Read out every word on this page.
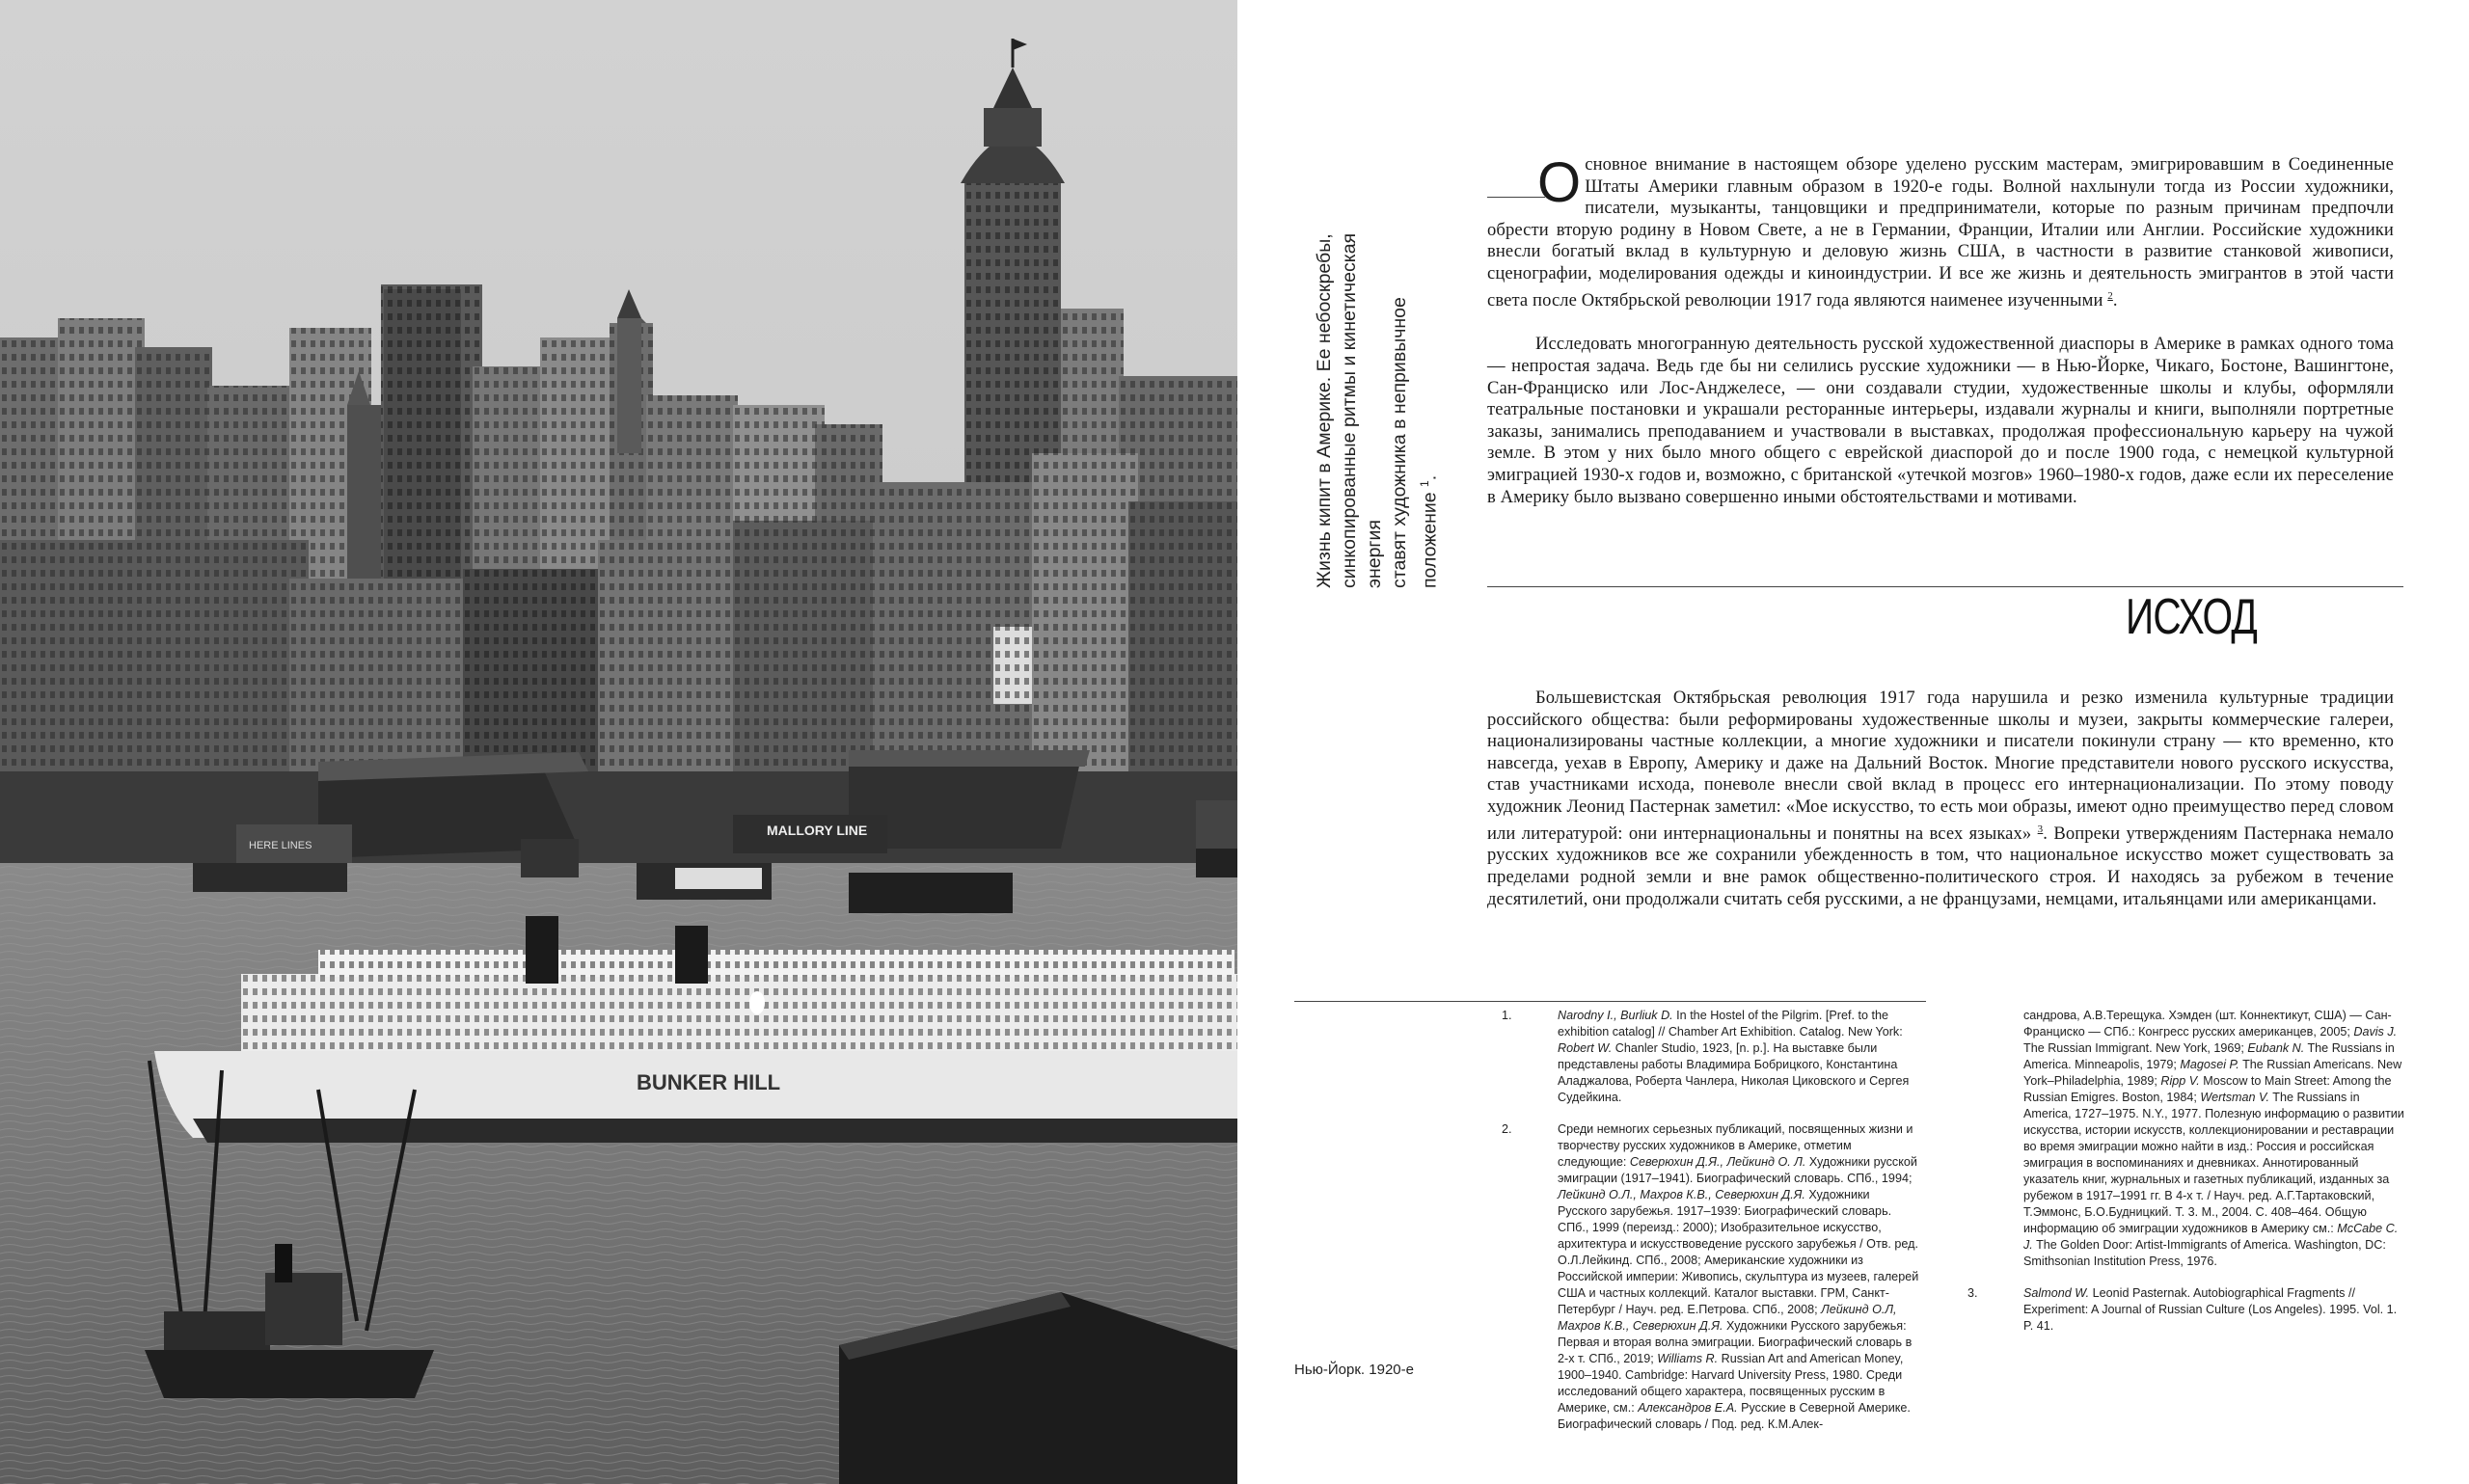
HERE LINES
MALLORY LINE
BUNKER HILL
Жизнь кипит в Америке. Ее небоскребы, синкопированные ритмы и кинетическая энергия ставят художника в непривычное положение $^1$.

Основное внимание в настоящем обзоре уделено русским мастерам, эмигрировавшим в Соединенные Штаты Америки главным образом в 1920-е годы. Волной нахлынули тогда из России художники, писатели, музыканты, танцовщики и предприниматели, которые по разным причинам предпочли обрести вторую родину в Новом Свете, а не в Германии, Франции, Италии или Англии. Российские художники внесли богатый вклад в культурную и деловую жизнь США, в частности в развитие станковой живописи, сценографии, моделирования одежды и киноиндустрии. И все же жизнь и деятельность эмигрантов в этой части света после Октябрьской революции 1917 года являются наименее изученными $^2$.

Исследовать многогранную деятельность русской художественной диаспоры в Америке в рамках одного тома — непростая задача. Ведь где бы ни селились русские художники — в Нью-Йорке, Чикаго, Бостоне, Вашингтоне, Сан-Франциско или Лос-Анджелесе, — они создавали студии, художественные школы и клубы, оформляли театральные постановки и украшали ресторанные интерьеры, издавали журналы и книги, выполняли портретные заказы, занимались преподаванием и участвовали в выставках, продолжая профессиональную карьеру на чужой земле. В этом у них было много общего с еврейской диаспорой до и после 1900 года, с немецкой культурной эмиграцией 1930-х годов и, возможно, с британской «утечкой мозгов» 1960–1980-х годов, даже если их переселение в Америку было вызвано совершенно иными обстоятельствами и мотивами.

ИСХОД

Большевистская Октябрьская революция 1917 года нарушила и резко изменила культурные традиции российского общества: были реформированы художественные школы и музеи, закрыты коммерческие галереи, национализированы частные коллекции, а многие художники и писатели покинули страну — кто временно, кто навсегда, уехав в Европу, Америку и даже на Дальний Восток. Многие представители нового русского искусства, став участниками исхода, поневоле внесли свой вклад в процесс его интернационализации. По этому поводу художник Леонид Пастернак заметил: «Мое искусство, то есть мои образы, имеют одно преимущество перед словом или литературой: они интернациональны и понятны на всех языках» $^3$. Вопреки утверждениям Пастернака немало русских художников все же сохранили убежденность в том, что национальное искусство может существовать за пределами родной земли и вне рамок общественно-политического строя. И находясь за рубежом в течение десятилетий, они продолжали считать себя русскими, а не французами, немцами, итальянцами или американцами.

1.	Narodny I., Burliuk D. In the Hostel of the Pilgrim. [Pref. to the exhibition catalog] // Chamber Art Exhibition. Catalog. New York: Robert W. Chanler Studio, 1923, [n. p.]. На выставке были представлены работы Владимира Бобрицкого, Константина Аладжалова, Роберта Чанлера, Николая Циковского и Сергея Судейкина.
2.	Среди немногих серьезных публикаций, посвященных жизни и творчеству русских художников в Америке, отметим следующие: Северюхин Д.Я., Лейкинд О. Л. Художники русской эмиграции (1917–1941). Биографический словарь. СПб., 1994; Лейкинд О.Л., Махров К.В., Северюхин Д.Я. Художники Русского зарубежья. 1917–1939: Биографический словарь. СПб., 1999 (переизд.: 2000); Изобразительное искусство, архитектура и искусствоведение русского зарубежья / Отв. ред. О.Л.Лейкинд. СПб., 2008; Американские художники из Российской империи: Живопись, скульптура из музеев, галерей США и частных коллекций. Каталог выставки. ГРМ, Санкт-Петербург / Науч. ред. Е.Петрова. СПб., 2008; Лейкинд О.Л, Махров К.В., Северюхин Д.Я. Художники Русского зарубежья: Первая и вторая волна эмиграции. Биографический словарь в 2-х т. СПб., 2019; Williams R. Russian Art and American Money, 1900–1940. Cambridge: Harvard University Press, 1980. Среди исследований общего характера, посвященных русским в Америке, см.: Александров Е.А. Русские в Северной Америке. Биографический словарь / Под. ред. К.М.Алек-
сандрова, А.В.Терещука. Хэмден (шт. Коннектикут, США) — Сан-Франциско — СПб.: Конгресс русских американцев, 2005; Davis J. The Russian Immigrant. New York, 1969; Eubank N. The Russians in America. Minneapolis, 1979; Magosei P. The Russian Americans. New York–Philadelphia, 1989; Ripp V. Moscow to Main Street: Among the Russian Emigres. Boston, 1984; Wertsman V. The Russians in America, 1727–1975. N.Y., 1977. Полезную информацию о развитии искусства, истории искусств, коллекционировании и реставрации во время эмиграции можно найти в изд.: Россия и российская эмиграция в воспоминаниях и дневниках. Аннотированный указатель книг, журнальных и газетных публикаций, изданных за рубежом в 1917–1991 гг. В 4-х т. / Науч. ред. А.Г.Тартаковский, Т.Эммонс, Б.О.Будницкий. Т. 3. М., 2004. С. 408–464. Общую информацию об эмиграции художников в Америку см.: McCabe C. J. The Golden Door: Artist-Immigrants of America. Washington, DC: Smithsonian Institution Press, 1976.
3.	Salmond W. Leonid Pasternak. Autobiographical Fragments // Experiment: A Journal of Russian Culture (Los Angeles). 1995. Vol. 1. P. 41.
Нью-Йорк. 1920-е
